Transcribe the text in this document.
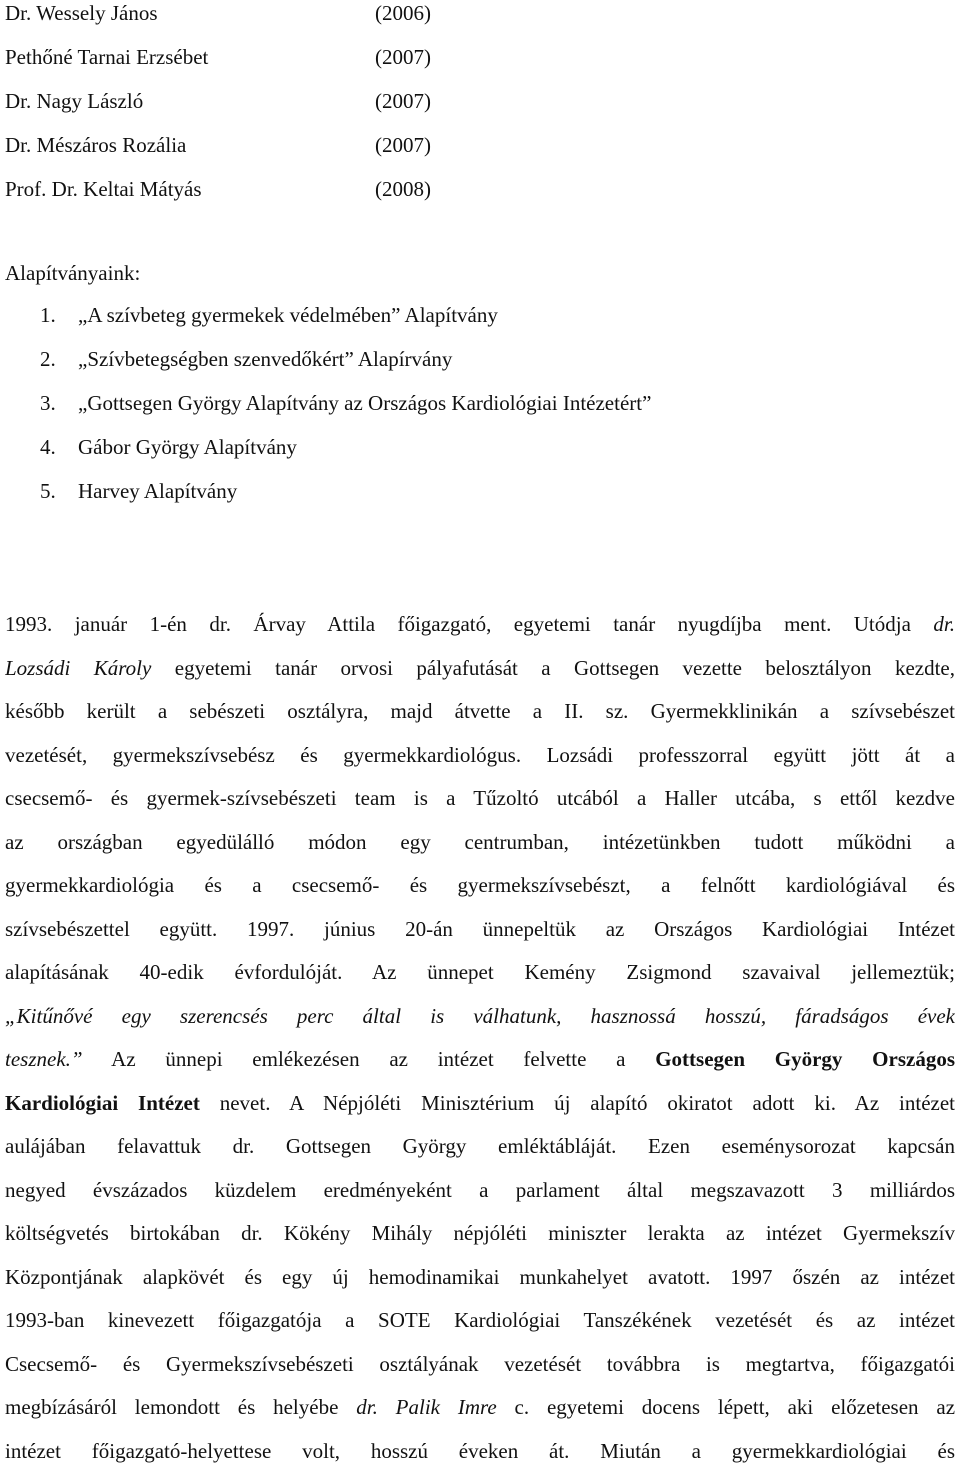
Dr. Wessely János	(2006)
Pethőné Tarnai Erzsébet	(2007)
Dr. Nagy László	(2007)
Dr. Mészáros Rozália	(2007)
Prof. Dr. Keltai Mátyás	(2008)
Alapítványaink:
1. „A szívbeteg gyermekek védelmében” Alapítvány
2. „Szívbetegségben szenvedőkért” Alapírvány
3. „Gottsegen György Alapítvány az Országos Kardiológiai Intézetért”
4. Gábor György Alapítvány
5. Harvey Alapítvány
1993. január 1-én dr. Árvay Attila főigazgató, egyetemi tanár nyugdíjba ment. Utódja dr.
Lozsádi Károly egyetemi tanár orvosi pályafutását a Gottsegen vezette belosztályon kezdte,
később került a sebészeti osztályra, majd átvette a II. sz. Gyermekklinikán a szívsebészet
vezetését, gyermekszívsebész és gyermekkardiológus. Lozsádi professzorral együtt jött át a
csecsemő- és gyermek-szívsebészeti team is a Tűzoltó utcából a Haller utcába, s ettől kezdve
az országban egyedülálló módon egy centrumban, intézetünkben tudott működni a
gyermekkardiológia és a csecsemő- és gyermekszívsebészt, a felnőtt kardiológiával és
szívsebészettel együtt. 1997. június 20-án ünnepeltük az Országos Kardiológiai Intézet
alapításának 40-edik évfordulóját. Az ünnepet Kemény Zsigmond szavaival jellemeztük;
„Kitűnővé egy szerencsés perc által is válhatunk, hasznossá hosszú, fáradságos évek
tesznek.” Az ünnepi emlékezésen az intézet felvette a Gottsegen György Országos
Kardiológiai Intézet nevet. A Népjóléti Minisztérium új alapító okiratot adott ki. Az intézet
aulájában felavattuk dr. Gottsegen György emléktábláját. Ezen eseménysorozat kapcsán
negyed évszázados küzdelem eredményeként a parlament által megszavazott 3 milliárdos
költségvetés birtokában dr. Kökény Mihály népjóléti miniszter lerakta az intézet Gyermekszív
Központjának alapkövét és egy új hemodinamikai munkahelyet avatott. 1997 őszén az intézet
1993-ban kinevezett főigazgatója a SOTE Kardiológiai Tanszékének vezetését és az intézet
Csecsemő- és Gyermekszívsebészeti osztályának vezetését továbbra is megtartva, főigazgatói
megbízásáról lemondott és helyébe dr. Palik Imre c. egyetemi docens lépett, aki előzetesen az
intézet főigazgató-helyettese volt, hosszú éveken át. Miután a gyermekkardiológiai és
